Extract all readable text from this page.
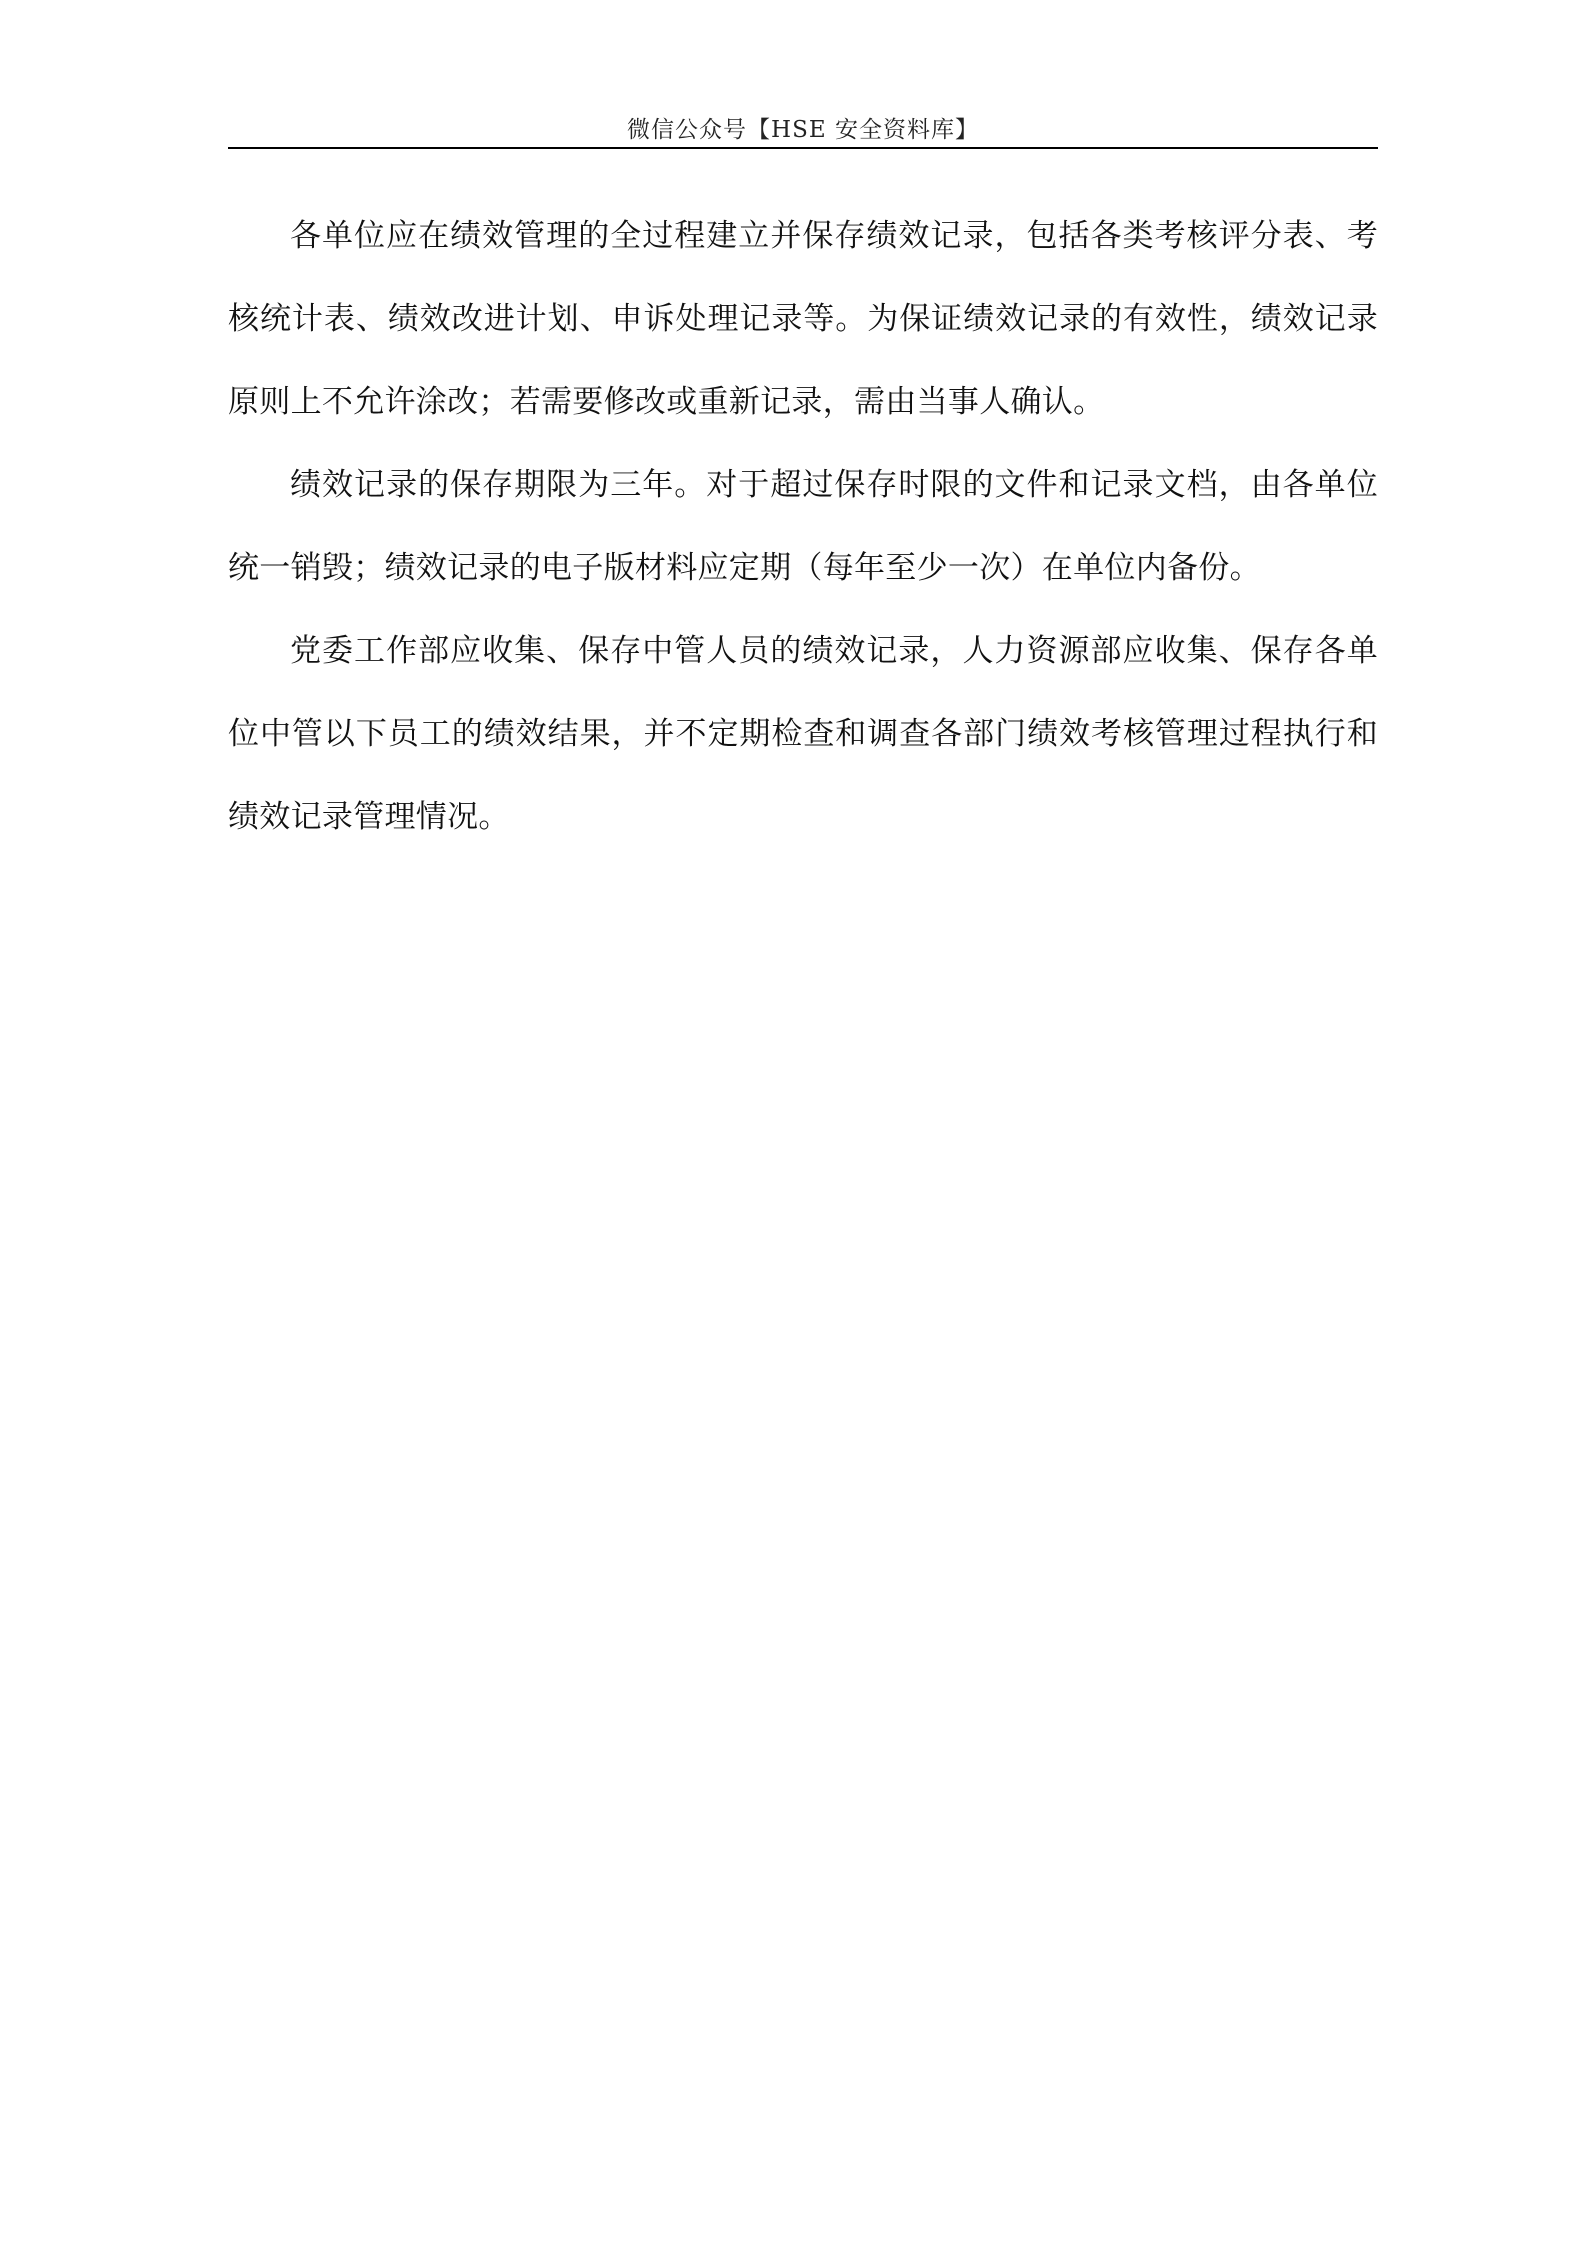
微信公众号【HSE 安全资料库】

各单位应在绩效管理的全过程建立并保存绩效记录，包括各类考核评分表、考核统计表、绩效改进计划、申诉处理记录等。为保证绩效记录的有效性，绩效记录原则上不允许涂改；若需要修改或重新记录，需由当事人确认。

绩效记录的保存期限为三年。对于超过保存时限的文件和记录文档，由各单位统一销毁；绩效记录的电子版材料应定期（每年至少一次）在单位内备份。

党委工作部应收集、保存中管人员的绩效记录，人力资源部应收集、保存各单位中管以下员工的绩效结果，并不定期检查和调查各部门绩效考核管理过程执行和绩效记录管理情况。
